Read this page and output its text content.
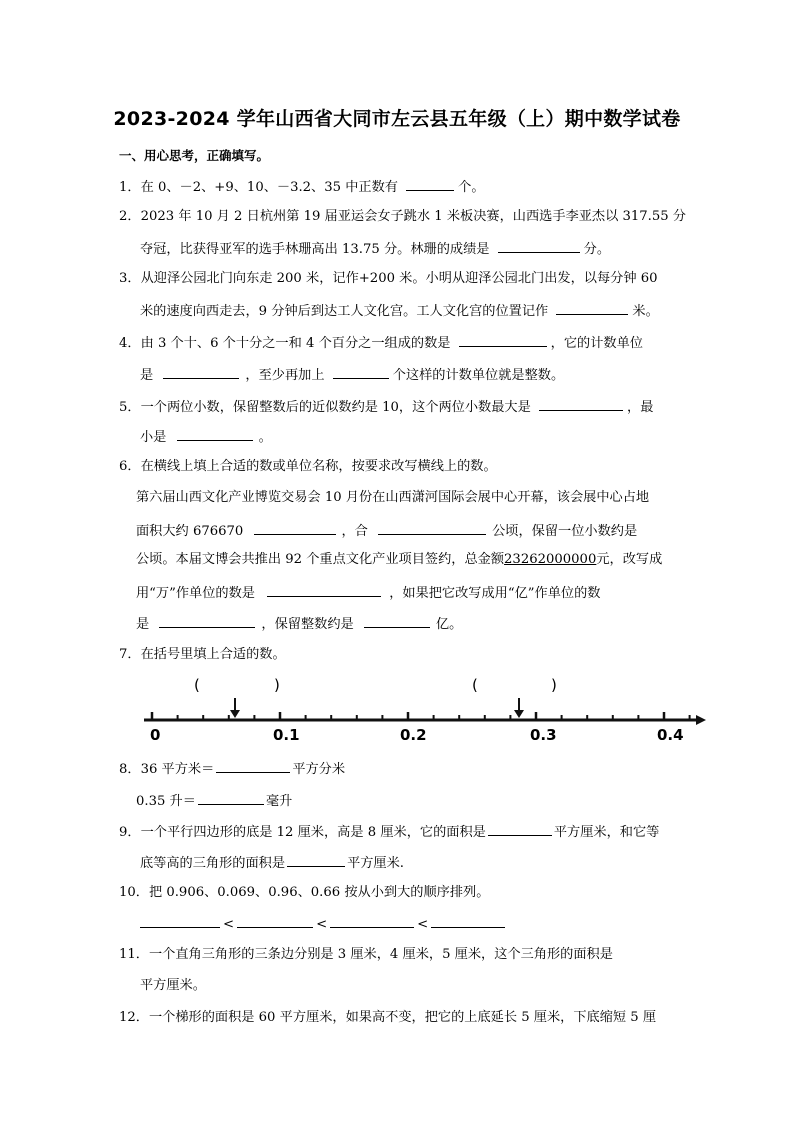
2023-2024 学年山西省大同市左云县五年级（上）期中数学试卷
一、用心思考，正确填写。
1．在 0、－2、+9、10、－3.2、35 中正数有	个。
2．2023 年 10 月 2 日杭州第 19 届亚运会女子跳水 1 米板决赛，山西选手李亚杰以 317.55 分
夺冠，比获得亚军的选手林珊高出 13.75 分。林珊的成绩是	分。
3．从迎泽公园北门向东走 200 米，记作+200 米。小明从迎泽公园北门出发，以每分钟 60
米的速度向西走去，9 分钟后到达工人文化宫。工人文化宫的位置记作	米。
4．由 3 个十、6 个十分之一和 4 个百分之一组成的数是	，它的计数单位
是	，至少再加上	个这样的计数单位就是整数。
5．一个两位小数，保留整数后的近似数约是 10，这个两位小数最大是	，最
小是	。
6．在横线上填上合适的数或单位名称，按要求改写横线上的数。
第六届山西文化产业博览交易会 10 月份在山西潇河国际会展中心开幕，该会展中心占地
面积大约 676670	，合	公顷，保留一位小数约是
公顷。本届文博会共推出 92 个重点文化产业项目签约，总金额23262000000元，改写成
用“万”作单位的数是	，如果把它改写成用“亿”作单位的数
是	，保留整数约是	亿。
7．在括号里填上合适的数。
(	)	(	)
0	0.1	0.2	0.3	0.4
8．36 平方米＝	平方分米
0.35 升＝	毫升
9．一个平行四边形的底是 12 厘米，高是 8 厘米，它的面积是	平方厘米，和它等
底等高的三角形的面积是	平方厘米.
10．把 0.906、0.069、0.96、0.66 按从小到大的顺序排列。
<	<	<
11．一个直角三角形的三条边分别是 3 厘米，4 厘米，5 厘米，这个三角形的面积是
平方厘米。
12．一个梯形的面积是 60 平方厘米，如果高不变，把它的上底延长 5 厘米，下底缩短 5 厘
